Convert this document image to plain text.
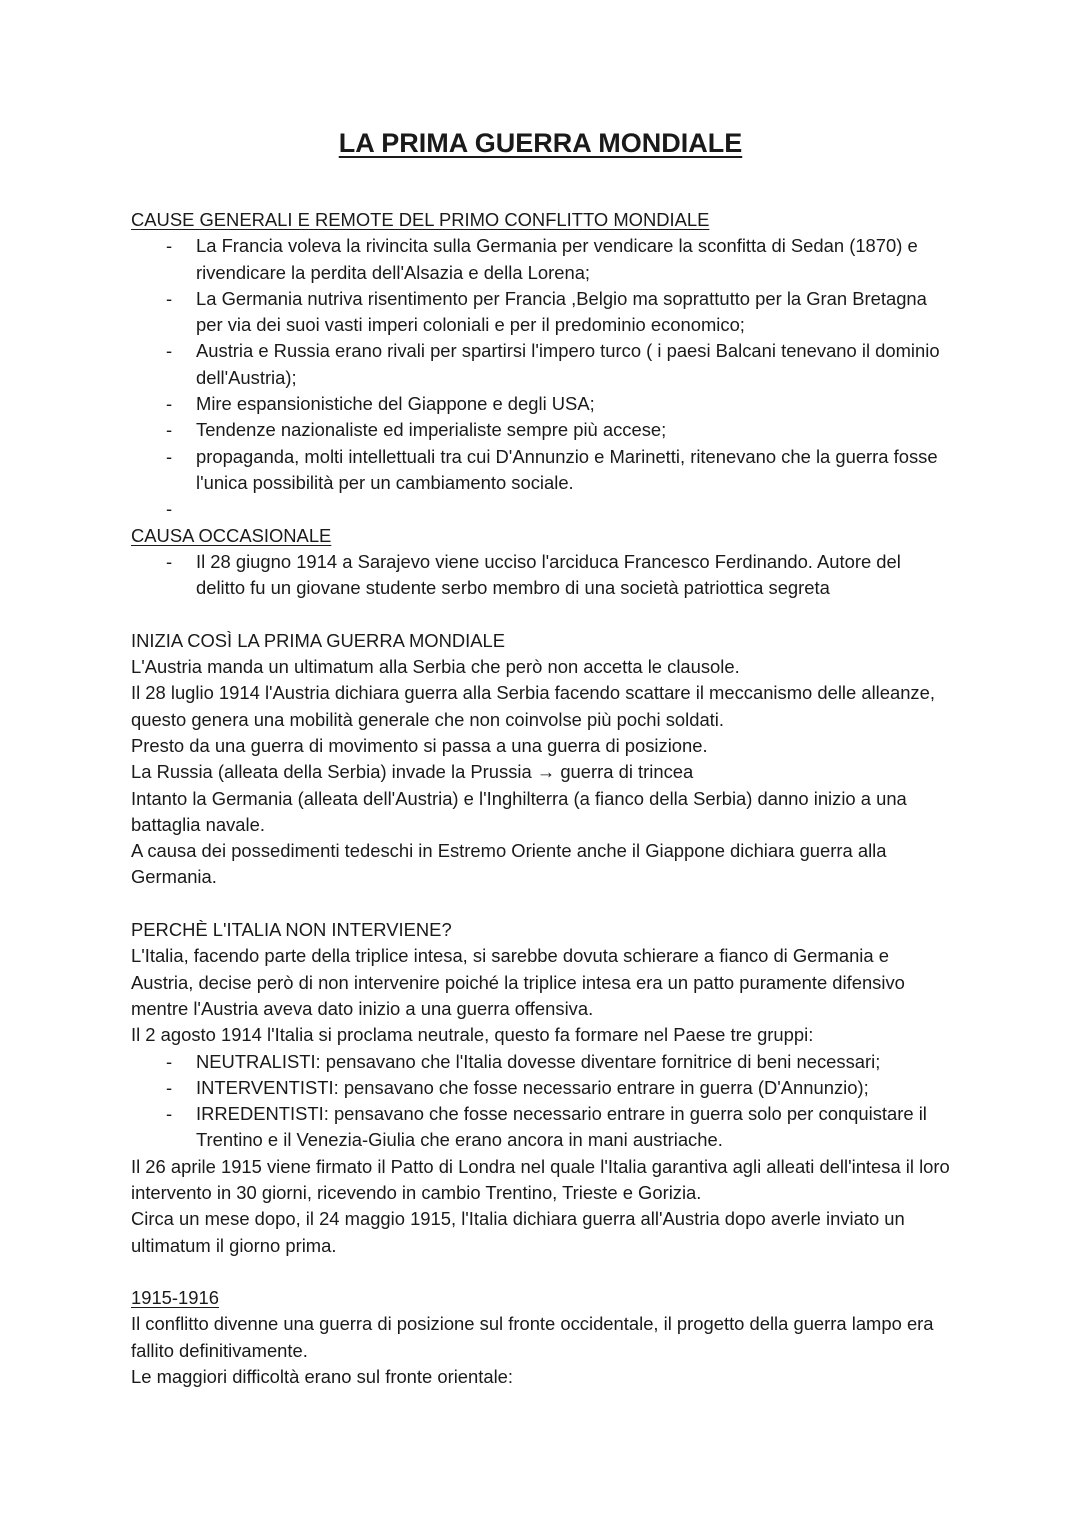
LA PRIMA GUERRA MONDIALE

CAUSE GENERALI E REMOTE DEL PRIMO CONFLITTO MONDIALE

- La Francia voleva la rivincita sulla Germania per vendicare la sconfitta di Sedan (1870) e rivendicare la perdita dell'Alsazia e della Lorena;
- La Germania nutriva risentimento per Francia ,Belgio ma soprattutto per la Gran Bretagna per via dei suoi vasti imperi coloniali e per il predominio economico;
- Austria e Russia erano rivali per spartirsi l'impero turco ( i paesi Balcani tenevano il dominio dell'Austria);
- Mire espansionistiche del Giappone e degli USA;
- Tendenze nazionaliste ed imperialiste sempre più accese;
- propaganda, molti intellettuali tra cui D'Annunzio e Marinetti, ritenevano che la guerra fosse l'unica possibilità per un cambiamento sociale.
-

CAUSA OCCASIONALE

- Il 28 giugno 1914 a Sarajevo viene ucciso l'arciduca Francesco Ferdinando. Autore del delitto fu un giovane studente serbo membro di una società patriottica segreta

INIZIA COSÌ LA PRIMA GUERRA MONDIALE

L'Austria manda un ultimatum alla Serbia che però non accetta le clausole.

Il 28 luglio 1914 l'Austria dichiara guerra alla Serbia facendo scattare il meccanismo delle alleanze, questo genera una mobilità generale che non coinvolse più pochi soldati.

Presto da una guerra di movimento si passa a una guerra di posizione.

La Russia (alleata della Serbia) invade la Prussia → guerra di trincea

Intanto la Germania (alleata dell'Austria) e l'Inghilterra (a fianco della Serbia) danno inizio a una battaglia navale.

A causa dei possedimenti tedeschi in Estremo Oriente anche il Giappone dichiara guerra alla Germania.

PERCHÈ L'ITALIA NON INTERVIENE?

L'Italia, facendo parte della triplice intesa, si sarebbe dovuta schierare a fianco di Germania e Austria, decise però di non intervenire poiché la triplice intesa era un patto puramente difensivo mentre l'Austria aveva dato inizio a una guerra offensiva.

Il 2 agosto 1914 l'Italia si proclama neutrale, questo fa formare nel Paese tre gruppi:

- NEUTRALISTI: pensavano che l'Italia dovesse diventare fornitrice di beni necessari;
- INTERVENTISTI: pensavano che fosse necessario entrare in guerra (D'Annunzio);
- IRREDENTISTI: pensavano che fosse necessario entrare in guerra solo per conquistare il Trentino e il Venezia-Giulia che erano ancora in mani austriache.

Il 26 aprile 1915 viene firmato il Patto di Londra nel quale l'Italia garantiva agli alleati dell'intesa il loro intervento in 30 giorni, ricevendo in cambio Trentino, Trieste e Gorizia.

Circa un mese dopo, il 24 maggio 1915, l'Italia dichiara guerra all'Austria dopo averle inviato un ultimatum il giorno prima.

1915-1916

Il conflitto divenne una guerra di posizione sul fronte occidentale, il progetto della guerra lampo era fallito definitivamente.

Le maggiori difficoltà erano sul fronte orientale:
